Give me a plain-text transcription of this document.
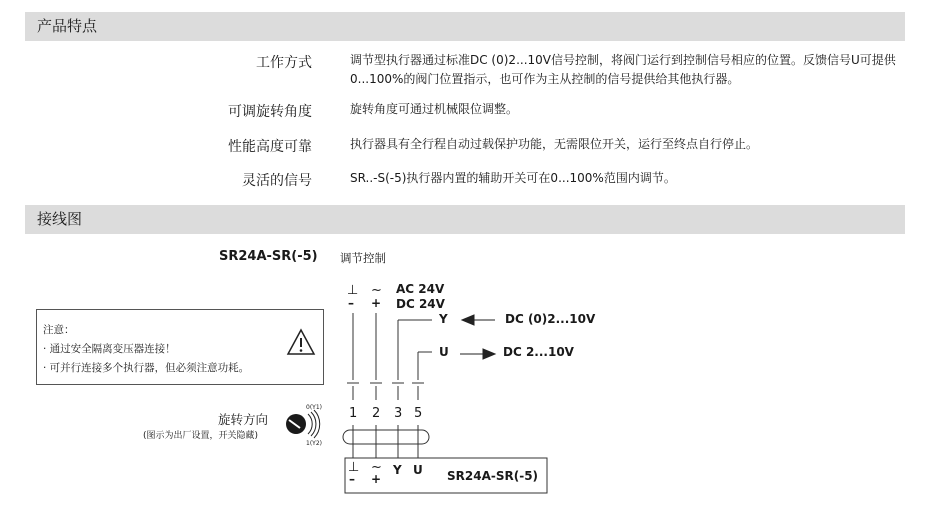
产品特点
接线图
工作方式	调节型执行器通过标准DC (0)2...10V信号控制，将阀门运行到控制信号相应的位置。反馈信号U可提供0...100%的阀门位置指示，也可作为主从控制的信号提供给其他执行器。
可调旋转角度	旋转角度可通过机械限位调整。
性能高度可靠	执行器具有全行程自动过载保护功能，无需限位开关，运行至终点自行停止。
灵活的信号	SR..-S(-5)执行器内置的辅助开关可在0...100%范围内调节。
SR24A-SR(-5) 调节控制
注意：
· 通过安全隔离变压器连接！
· 可并行连接多个执行器，但必须注意功耗。
旋转方向
(图示为出厂设置，开关隐藏)
0(Y1)
1(Y2)
⊥
–
~
+
AC 24V
DC 24V
Y	DC (0)2...10V
U	DC 2...10V
1 2 3 5
⊥
–
~
+
Y U SR24A-SR(-5)
